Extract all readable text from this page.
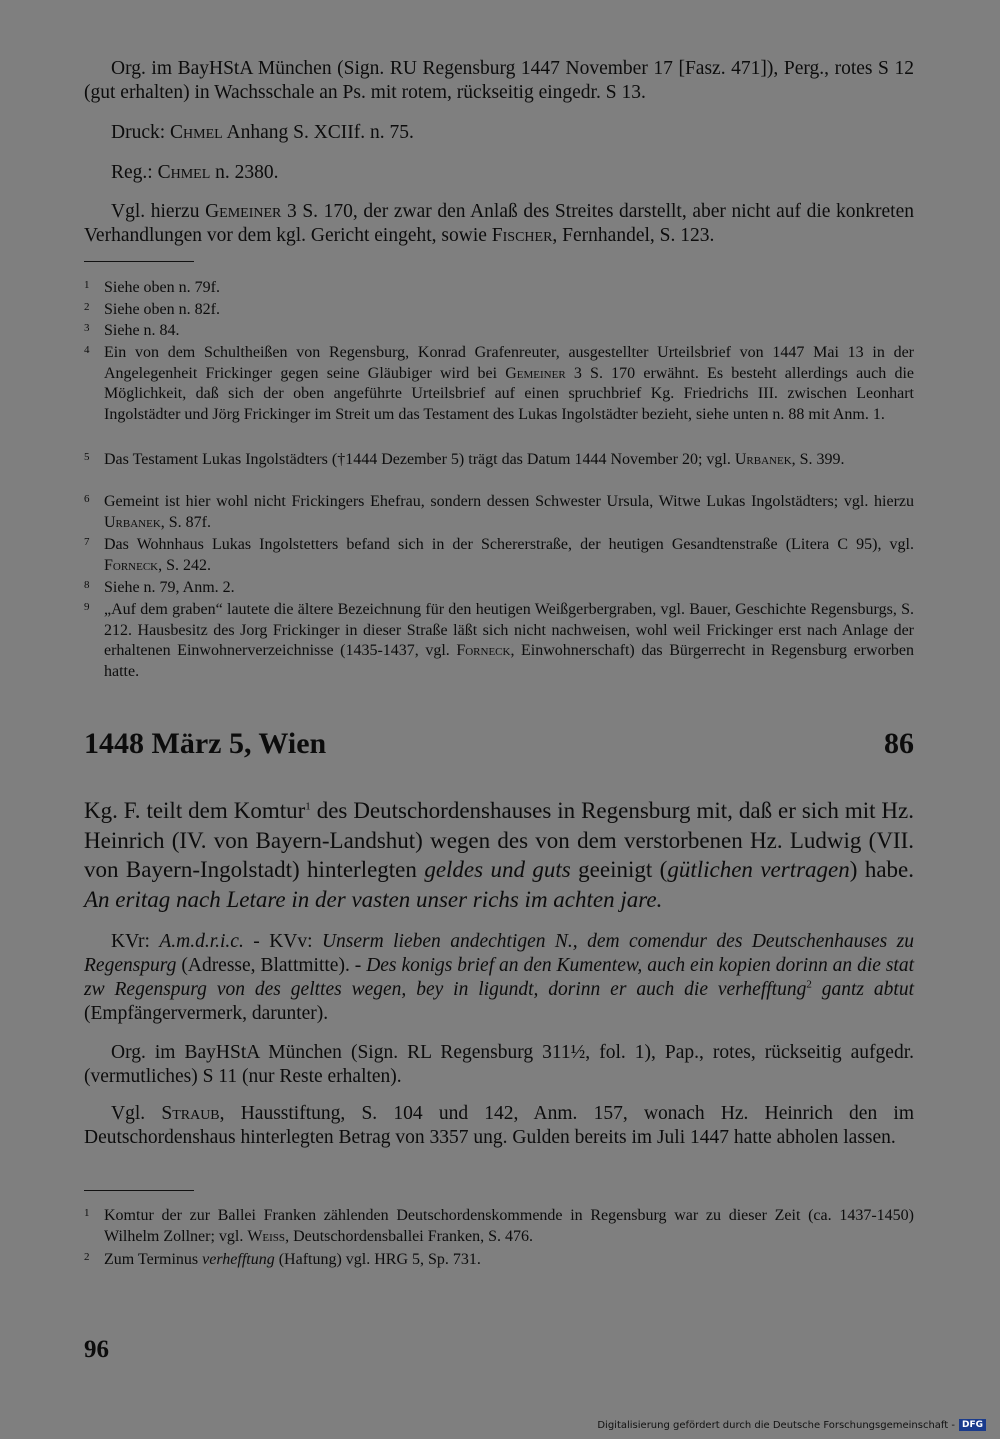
Org. im BayHStA München (Sign. RU Regensburg 1447 November 17 [Fasz. 471]), Perg., rotes S 12 (gut erhalten) in Wachsschale an Ps. mit rotem, rückseitig eingedr. S 13.

Druck: Chmel Anhang S. XCIIf. n. 75.

Reg.: Chmel n. 2380.

Vgl. hierzu Gemeiner 3 S. 170, der zwar den Anlaß des Streites darstellt, aber nicht auf die konkreten Verhandlungen vor dem kgl. Gericht eingeht, sowie Fischer, Fernhandel, S. 123.

1 Siehe oben n. 79f.
2 Siehe oben n. 82f.
3 Siehe n. 84.
4 Ein von dem Schultheißen von Regensburg, Konrad Grafenreuter, ausgestellter Urteilsbrief von 1447 Mai 13 in der Angelegenheit Frickinger gegen seine Gläubiger wird bei Gemeiner 3 S. 170 erwähnt. Es besteht allerdings auch die Möglichkeit, daß sich der oben angeführte Urteilsbrief auf einen spruchbrief Kg. Friedrichs III. zwischen Leonhart Ingolstädter und Jörg Frickinger im Streit um das Testament des Lukas Ingolstädter bezieht, siehe unten n. 88 mit Anm. 1.
5 Das Testament Lukas Ingolstädters (†1444 Dezember 5) trägt das Datum 1444 November 20; vgl. Urbanek, S. 399.
6 Gemeint ist hier wohl nicht Frickingers Ehefrau, sondern dessen Schwester Ursula, Witwe Lukas Ingolstädters; vgl. hierzu Urbanek, S. 87f.
7 Das Wohnhaus Lukas Ingolstetters befand sich in der Schererstraße, der heutigen Gesandtenstraße (Litera C 95), vgl. Forneck, S. 242.
8 Siehe n. 79, Anm. 2.
9 „Auf dem graben“ lautete die ältere Bezeichnung für den heutigen Weißgerbergraben, vgl. Bauer, Geschichte Regensburgs, S. 212. Hausbesitz des Jorg Frickinger in dieser Straße läßt sich nicht nachweisen, wohl weil Frickinger erst nach Anlage der erhaltenen Einwohnerverzeichnisse (1435-1437, vgl. Forneck, Einwohnerschaft) das Bürgerrecht in Regensburg erworben hatte.
1448 März 5, Wien	86

Kg. F. teilt dem Komtur$^1$ des Deutschordenshauses in Regensburg mit, daß er sich mit Hz. Heinrich (IV. von Bayern-Landshut) wegen des von dem verstorbenen Hz. Ludwig (VII. von Bayern-Ingolstadt) hinterlegten geldes und guts geeinigt (gütlichen vertragen) habe. An eritag nach Letare in der vasten unser richs im achten jare.

KVr: A.m.d.r.i.c. - KVv: Unserm lieben andechtigen N., dem comendur des Deutschenhauses zu Regenspurg (Adresse, Blattmitte). - Des konigs brief an den Kumentew, auch ein kopien dorinn an die stat zw Regenspurg von des gelttes wegen, bey in ligundt, dorinn er auch die verhefftung$^2$ gantz abtut (Empfängervermerk, darunter).

Org. im BayHStA München (Sign. RL Regensburg 311½, fol. 1), Pap., rotes, rückseitig aufgedr. (vermutliches) S 11 (nur Reste erhalten).

Vgl. Straub, Hausstiftung, S. 104 und 142, Anm. 157, wonach Hz. Heinrich den im Deutschordenshaus hinterlegten Betrag von 3357 ung. Gulden bereits im Juli 1447 hatte abholen lassen.

1 Komtur der zur Ballei Franken zählenden Deutschordenskommende in Regensburg war zu dieser Zeit (ca. 1437-1450) Wilhelm Zollner; vgl. Weiss, Deutschordensballei Franken, S. 476.
2 Zum Terminus verhefftung (Haftung) vgl. HRG 5, Sp. 731.
96
Digitalisierung gefördert durch die Deutsche Forschungsgemeinschaft - DFG
